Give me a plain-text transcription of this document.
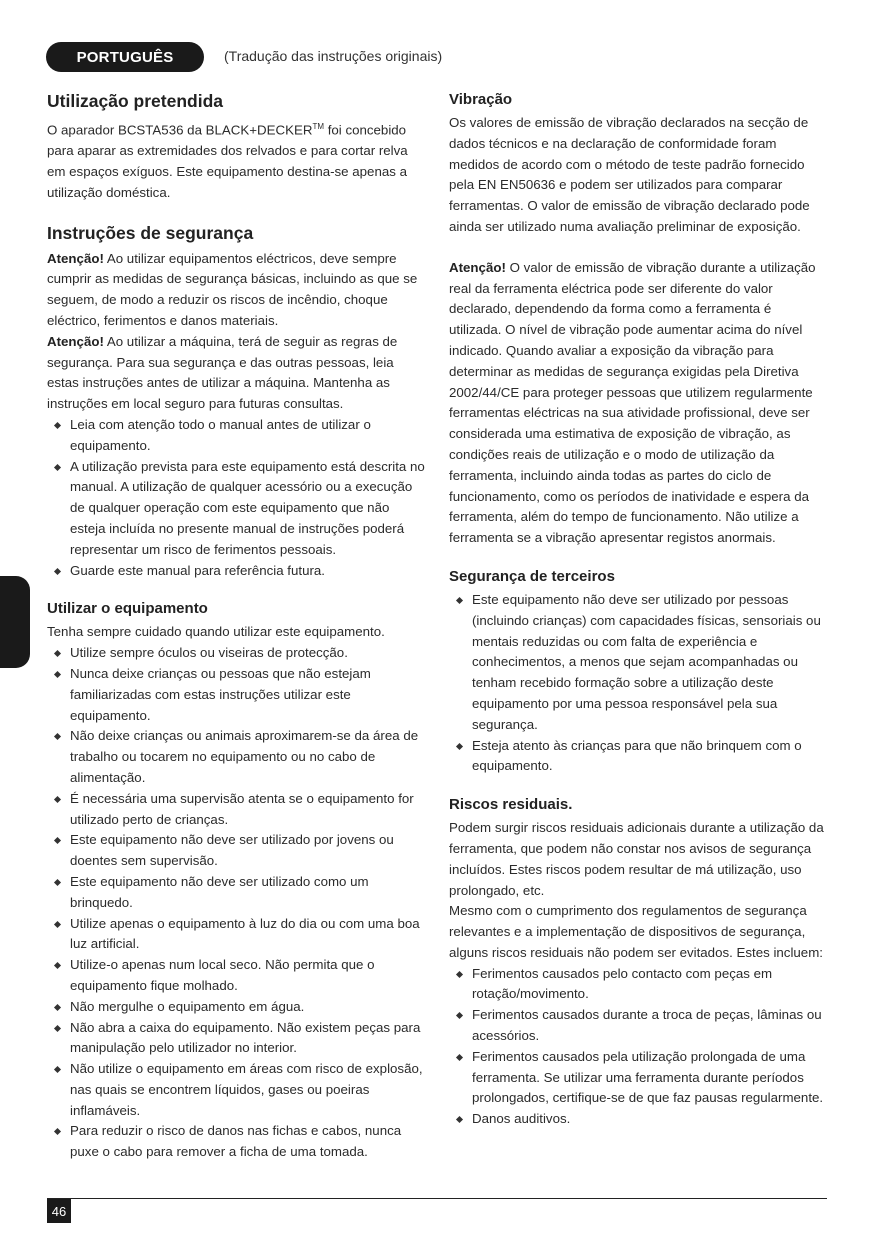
PORTUGUÊS	(Tradução das instruções originais)
Utilização pretendida

O aparador BCSTA536 da BLACK+DECKER™ foi concebido para aparar as extremidades dos relvados e para cortar relva em espaços exíguos. Este equipamento destina-se apenas a utilização doméstica.

Instruções de segurança

Atenção! Ao utilizar equipamentos eléctricos, deve sempre cumprir as medidas de segurança básicas, incluindo as que se seguem, de modo a reduzir os riscos de incêndio, choque eléctrico, ferimentos e danos materiais.

Atenção! Ao utilizar a máquina, terá de seguir as regras de segurança. Para sua segurança e das outras pessoas, leia estas instruções antes de utilizar a máquina. Mantenha as instruções em local seguro para futuras consultas.

Leia com atenção todo o manual antes de utilizar o equipamento.
A utilização prevista para este equipamento está descrita no manual. A utilização de qualquer acessório ou a execução de qualquer operação com este equipamento que não esteja incluída no presente manual de instruções poderá representar um risco de ferimentos pessoais.
Guarde este manual para referência futura.
Utilizar o equipamento

Tenha sempre cuidado quando utilizar este equipamento.

Utilize sempre óculos ou viseiras de protecção.
Nunca deixe crianças ou pessoas que não estejam familiarizadas com estas instruções utilizar este equipamento.
Não deixe crianças ou animais aproximarem-se da área de trabalho ou tocarem no equipamento ou no cabo de alimentação.
É necessária uma supervisão atenta se o equipamento for utilizado perto de crianças.
Este equipamento não deve ser utilizado por jovens ou doentes sem supervisão.
Este equipamento não deve ser utilizado como um brinquedo.
Utilize apenas o equipamento à luz do dia ou com uma boa luz artificial.
Utilize-o apenas num local seco. Não permita que o equipamento fique molhado.
Não mergulhe o equipamento em água.
Não abra a caixa do equipamento. Não existem peças para manipulação pelo utilizador no interior.
Não utilize o equipamento em áreas com risco de explosão, nas quais se encontrem líquidos, gases ou poeiras inflamáveis.
Para reduzir o risco de danos nas fichas e cabos, nunca puxe o cabo para remover a ficha de uma tomada.
Vibração

Os valores de emissão de vibração declarados na secção de dados técnicos e na declaração de conformidade foram medidos de acordo com o método de teste padrão fornecido pela EN EN50636 e podem ser utilizados para comparar ferramentas. O valor de emissão de vibração declarado pode ainda ser utilizado numa avaliação preliminar de exposição.

Atenção! O valor de emissão de vibração durante a utilização real da ferramenta eléctrica pode ser diferente do valor declarado, dependendo da forma como a ferramenta é utilizada. O nível de vibração pode aumentar acima do nível indicado. Quando avaliar a exposição da vibração para determinar as medidas de segurança exigidas pela Diretiva 2002/44/CE para proteger pessoas que utilizem regularmente ferramentas eléctricas na sua atividade profissional, deve ser considerada uma estimativa de exposição de vibração, as condições reais de utilização e o modo de utilização da ferramenta, incluindo ainda todas as partes do ciclo de funcionamento, como os períodos de inatividade e espera da ferramenta, além do tempo de funcionamento. Não utilize a ferramenta se a vibração apresentar registos anormais.

Segurança de terceiros
Este equipamento não deve ser utilizado por pessoas (incluindo crianças) com capacidades físicas, sensoriais ou mentais reduzidas ou com falta de experiência e conhecimentos, a menos que sejam acompanhadas ou tenham recebido formação sobre a utilização deste equipamento por uma pessoa responsável pela sua segurança.
Esteja atento às crianças para que não brinquem com o equipamento.
Riscos residuais.

Podem surgir riscos residuais adicionais durante a utilização da ferramenta, que podem não constar nos avisos de segurança incluídos. Estes riscos podem resultar de má utilização, uso prolongado, etc.

Mesmo com o cumprimento dos regulamentos de segurança relevantes e a implementação de dispositivos de segurança, alguns riscos residuais não podem ser evitados. Estes incluem:

Ferimentos causados pelo contacto com peças em rotação/movimento.
Ferimentos causados durante a troca de peças, lâminas ou acessórios.
Ferimentos causados pela utilização prolongada de uma ferramenta. Se utilizar uma ferramenta durante períodos prolongados, certifique-se de que faz pausas regularmente.
Danos auditivos.
46
